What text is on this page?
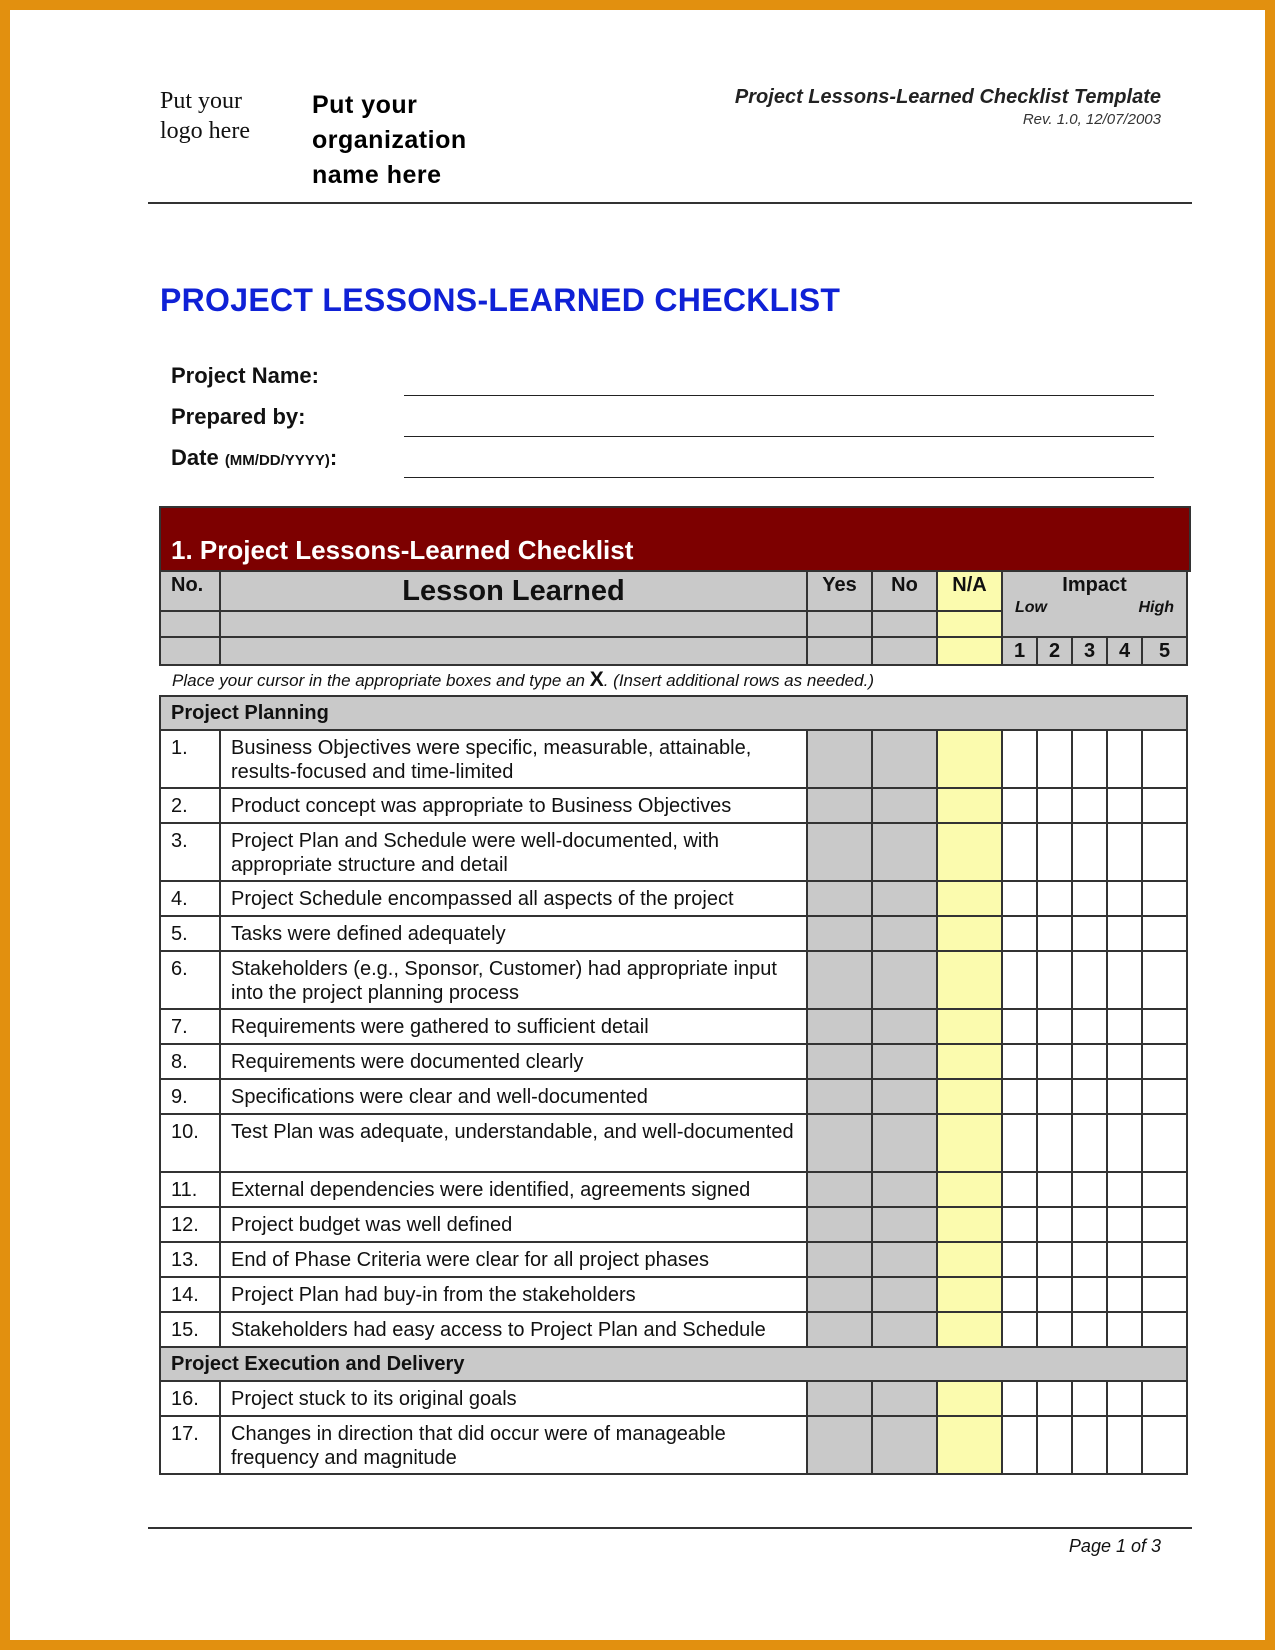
Put your
logo here
Put your
organization
name here
Project Lessons-Learned Checklist Template
Rev. 1.0, 12/07/2003
PROJECT LESSONS-LEARNED CHECKLIST
Project Name:
Prepared by:
Date (MM/DD/YYYY):
1. Project Lessons-Learned Checklist
No.	Lesson Learned	Yes	No	N/A	Impact
Low High				

					1	2	3	4	5
Place your cursor in the appropriate boxes and type an X. (Insert additional rows as needed.)
Project Planning									
1.	Business Objectives were specific, measurable, attainable, results-focused and time-limited								
2.	Product concept was appropriate to Business Objectives								
3.	Project Plan and Schedule were well-documented, with appropriate structure and detail								
4.	Project Schedule encompassed all aspects of the project								
5.	Tasks were defined adequately								
6.	Stakeholders (e.g., Sponsor, Customer) had appropriate input into the project planning process								
7.	Requirements were gathered to sufficient detail								
8.	Requirements were documented clearly								
9.	Specifications were clear and well-documented								
10.	Test Plan was adequate, understandable, and well-documented								
11.	External dependencies were identified, agreements signed								
12.	Project budget was well defined								
13.	End of Phase Criteria were clear for all project phases								
14.	Project Plan had buy-in from the stakeholders								
15.	Stakeholders had easy access to Project Plan and Schedule								
Project Execution and Delivery									
16.	Project stuck to its original goals								
17.	Changes in direction that did occur were of manageable frequency and magnitude								
Page 1 of 3
